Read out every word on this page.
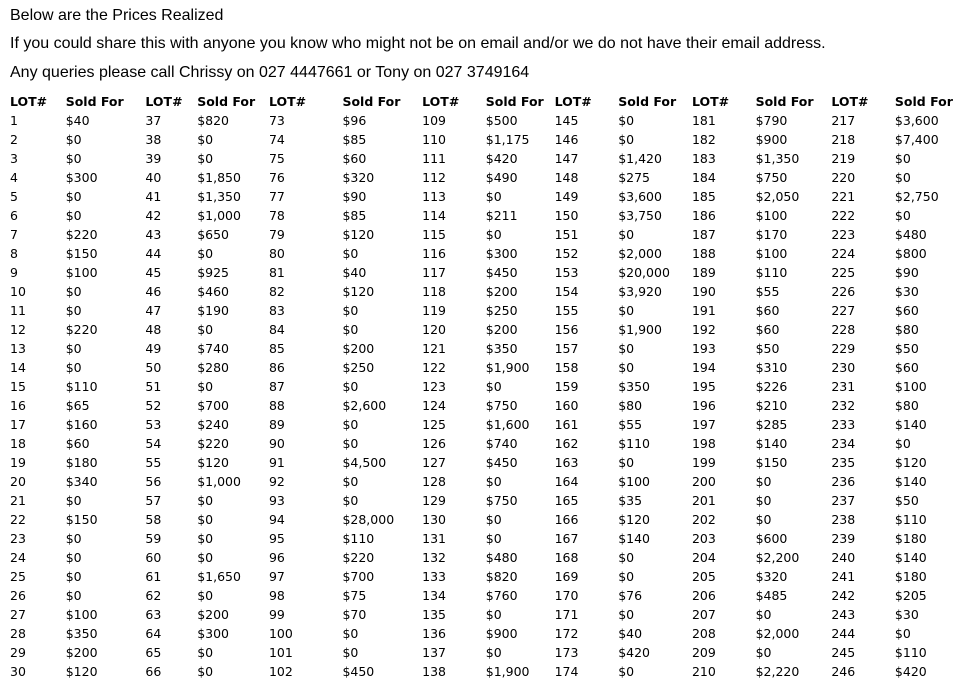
Below are the Prices Realized

If you could share this with anyone you know who might not be on email and/or we do not have their email address.

Any queries please call Chrissy on 027 4447661 or Tony on 027 3749164

LOT#	Sold For	LOT#	Sold For	LOT#	Sold For	LOT#	Sold For	LOT#	Sold For	LOT#	Sold For	LOT#	Sold For
1	$40	37	$820	73	$96	109	$500	145	$0	181	$790	217	$3,600
2	$0	38	$0	74	$85	110	$1,175	146	$0	182	$900	218	$7,400
3	$0	39	$0	75	$60	111	$420	147	$1,420	183	$1,350	219	$0
4	$300	40	$1,850	76	$320	112	$490	148	$275	184	$750	220	$0
5	$0	41	$1,350	77	$90	113	$0	149	$3,600	185	$2,050	221	$2,750
6	$0	42	$1,000	78	$85	114	$211	150	$3,750	186	$100	222	$0
7	$220	43	$650	79	$120	115	$0	151	$0	187	$170	223	$480
8	$150	44	$0	80	$0	116	$300	152	$2,000	188	$100	224	$800
9	$100	45	$925	81	$40	117	$450	153	$20,000	189	$110	225	$90
10	$0	46	$460	82	$120	118	$200	154	$3,920	190	$55	226	$30
11	$0	47	$190	83	$0	119	$250	155	$0	191	$60	227	$60
12	$220	48	$0	84	$0	120	$200	156	$1,900	192	$60	228	$80
13	$0	49	$740	85	$200	121	$350	157	$0	193	$50	229	$50
14	$0	50	$280	86	$250	122	$1,900	158	$0	194	$310	230	$60
15	$110	51	$0	87	$0	123	$0	159	$350	195	$226	231	$100
16	$65	52	$700	88	$2,600	124	$750	160	$80	196	$210	232	$80
17	$160	53	$240	89	$0	125	$1,600	161	$55	197	$285	233	$140
18	$60	54	$220	90	$0	126	$740	162	$110	198	$140	234	$0
19	$180	55	$120	91	$4,500	127	$450	163	$0	199	$150	235	$120
20	$340	56	$1,000	92	$0	128	$0	164	$100	200	$0	236	$140
21	$0	57	$0	93	$0	129	$750	165	$35	201	$0	237	$50
22	$150	58	$0	94	$28,000	130	$0	166	$120	202	$0	238	$110
23	$0	59	$0	95	$110	131	$0	167	$140	203	$600	239	$180
24	$0	60	$0	96	$220	132	$480	168	$0	204	$2,200	240	$140
25	$0	61	$1,650	97	$700	133	$820	169	$0	205	$320	241	$180
26	$0	62	$0	98	$75	134	$760	170	$76	206	$485	242	$205
27	$100	63	$200	99	$70	135	$0	171	$0	207	$0	243	$30
28	$350	64	$300	100	$0	136	$900	172	$40	208	$2,000	244	$0
29	$200	65	$0	101	$0	137	$0	173	$420	209	$0	245	$110
30	$120	66	$0	102	$450	138	$1,900	174	$0	210	$2,220	246	$420
